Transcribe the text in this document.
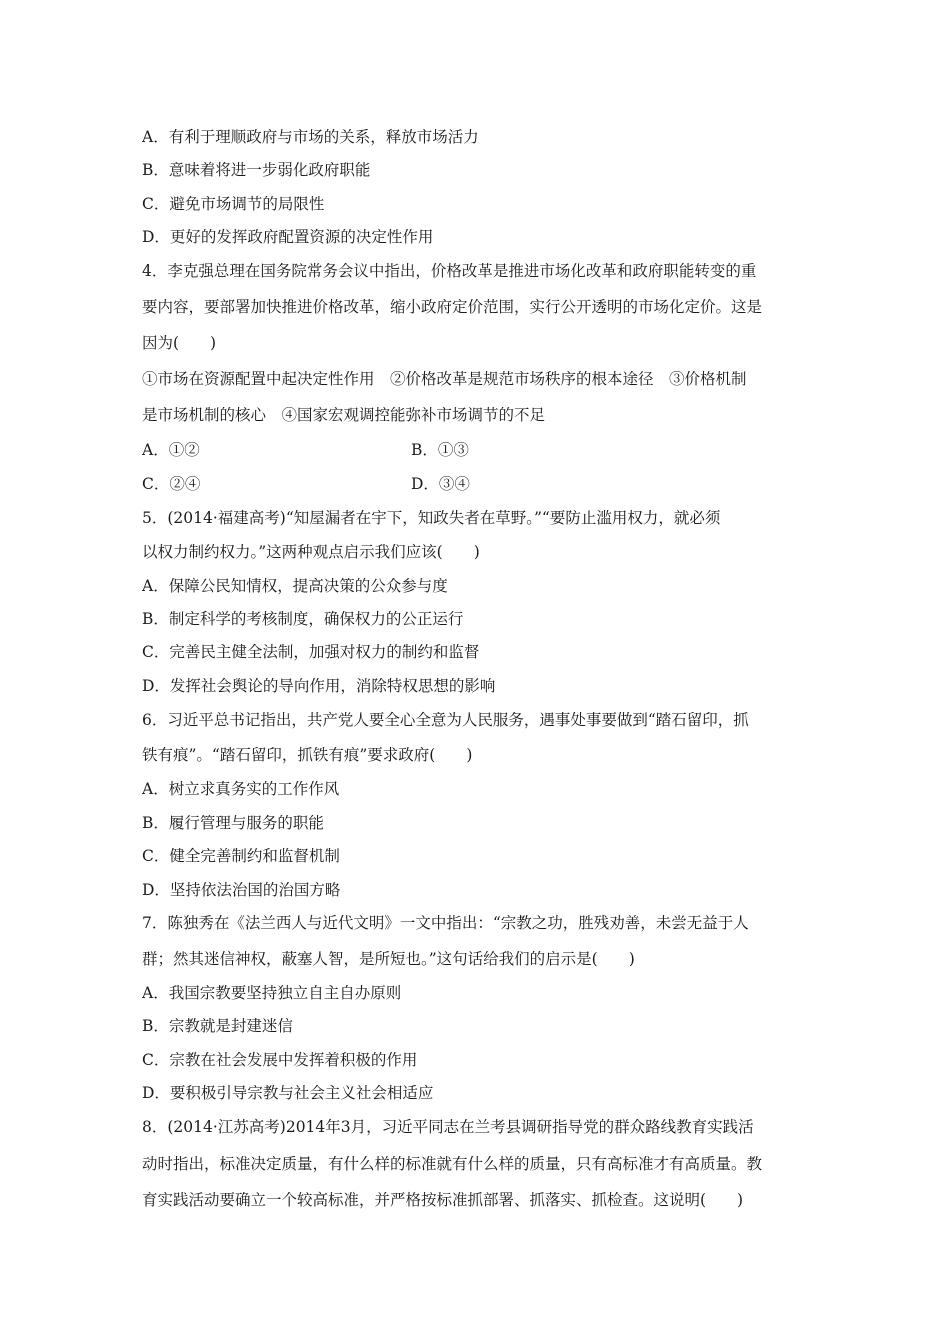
A．有利于理顺政府与市场的关系，释放市场活力
B．意味着将进一步弱化政府职能
C．避免市场调节的局限性
D．更好的发挥政府配置资源的决定性作用
4．李克强总理在国务院常务会议中指出，价格改革是推进市场化改革和政府职能转变的重
要内容，要部署加快推进价格改革，缩小政府定价范围，实行公开透明的市场化定价。这是
因为(　　)
①市场在资源配置中起决定性作用　②价格改革是规范市场秩序的根本途径　③价格机制
是市场机制的核心　④国家宏观调控能弥补市场调节的不足
A．①②	B．①③
C．②④	D．③④
5．(2014·福建高考)“知屋漏者在宇下，知政失者在草野。”“要防止滥用权力，就必须
以权力制约权力。”这两种观点启示我们应该(　　)
A．保障公民知情权，提高决策的公众参与度
B．制定科学的考核制度，确保权力的公正运行
C．完善民主健全法制，加强对权力的制约和监督
D．发挥社会舆论的导向作用，消除特权思想的影响
6．习近平总书记指出，共产党人要全心全意为人民服务，遇事处事要做到“踏石留印，抓
铁有痕”。“踏石留印，抓铁有痕”要求政府(　　)
A．树立求真务实的工作作风
B．履行管理与服务的职能
C．健全完善制约和监督机制
D．坚持依法治国的治国方略
7．陈独秀在《法兰西人与近代文明》一文中指出：“宗教之功，胜残劝善，未尝无益于人
群；然其迷信神权，蔽塞人智，是所短也。”这句话给我们的启示是(　　)
A．我国宗教要坚持独立自主自办原则
B．宗教就是封建迷信
C．宗教在社会发展中发挥着积极的作用
D．要积极引导宗教与社会主义社会相适应
8．(2014·江苏高考)2014年3月，习近平同志在兰考县调研指导党的群众路线教育实践活
动时指出，标准决定质量，有什么样的标准就有什么样的质量，只有高标准才有高质量。教
育实践活动要确立一个较高标准，并严格按标准抓部署、抓落实、抓检查。这说明(　　)
